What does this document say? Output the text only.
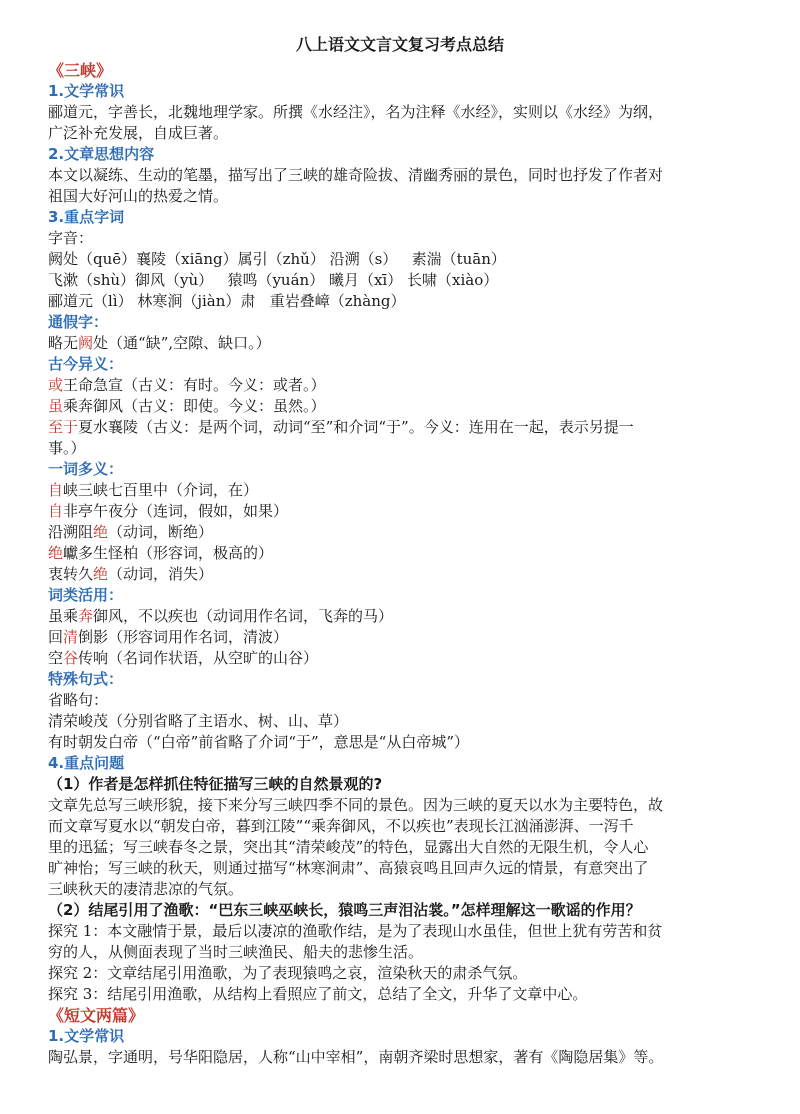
八上语文文言文复习考点总结
《三峡》
1.文学常识
郦道元，字善长，北魏地理学家。所撰《水经注》，名为注释《水经》，实则以《水经》为纲，
广泛补充发展，自成巨著。
2.文章思想内容
本文以凝练、生动的笔墨，描写出了三峡的雄奇险拔、清幽秀丽的景色，同时也抒发了作者对
祖国大好河山的热爱之情。
3.重点字词
字音：
阙处（quē）襄陵（xiāng）属引（zhǔ） 沿溯（s）   素湍（tuān）
飞漱（shù）御风（yù）   猿鸣（yuán） 曦月（xī） 长啸（xiào）
郦道元（lì） 林寒涧（jiàn）肃   重岩叠嶂（zhàng）
通假字：
略无阙处（通“缺”,空隙、缺口。）
古今异义：
或王命急宣（古义：有时。今义：或者。）
虽乘奔御风（古义：即使。今义：虽然。）
至于夏水襄陵（古义：是两个词，动词“至”和介词“于”。今义：连用在一起，表示另提一
事。）
一词多义：
自峡三峡七百里中（介词，在）
自非亭午夜分（连词，假如，如果）
沿溯阻绝（动词，断绝）
绝巘多生怪柏（形容词，极高的）
衷转久绝（动词，消失）
词类活用：
虽乘奔御风，不以疾也（动词用作名词，飞奔的马）
回清倒影（形容词用作名词，清波）
空谷传响（名词作状语，从空旷的山谷）
特殊句式：
省略句：
清荣峻茂（分别省略了主语水、树、山、草）
有时朝发白帝（“白帝”前省略了介词“于”，意思是“从白帝城”）
4.重点问题
（1）作者是怎样抓住特征描写三峡的自然景观的?
文章先总写三峡形貌，接下来分写三峡四季不同的景色。因为三峡的夏天以水为主要特色，故
而文章写夏水以“朝发白帝，暮到江陵”“乘奔御风，不以疾也”表现长江汹涌澎湃、一泻千
里的迅猛；写三峡春冬之景，突出其“清荣峻茂”的特色，显露出大自然的无限生机，令人心
旷神怡；写三峡的秋天，则通过描写“林寒涧肃”、高猿哀鸣且回声久远的情景，有意突出了
三峡秋天的凄清悲凉的气氛。
（2）结尾引用了渔歌：“巴东三峡巫峡长，猿鸣三声泪沾裳。”怎样理解这一歌谣的作用？
探究 1：本文融情于景，最后以凄凉的渔歌作结，是为了表现山水虽佳，但世上犹有劳苦和贫
穷的人，从侧面表现了当时三峡渔民、船夫的悲惨生活。
探究 2：文章结尾引用渔歌，为了表现猿鸣之哀，渲染秋天的肃杀气氛。
探究 3：结尾引用渔歌，从结构上看照应了前文，总结了全文，升华了文章中心。
《短文两篇》
1.文学常识
陶弘景，字通明，号华阳隐居，人称“山中宰相”，南朝齐梁时思想家，著有《陶隐居集》等。
